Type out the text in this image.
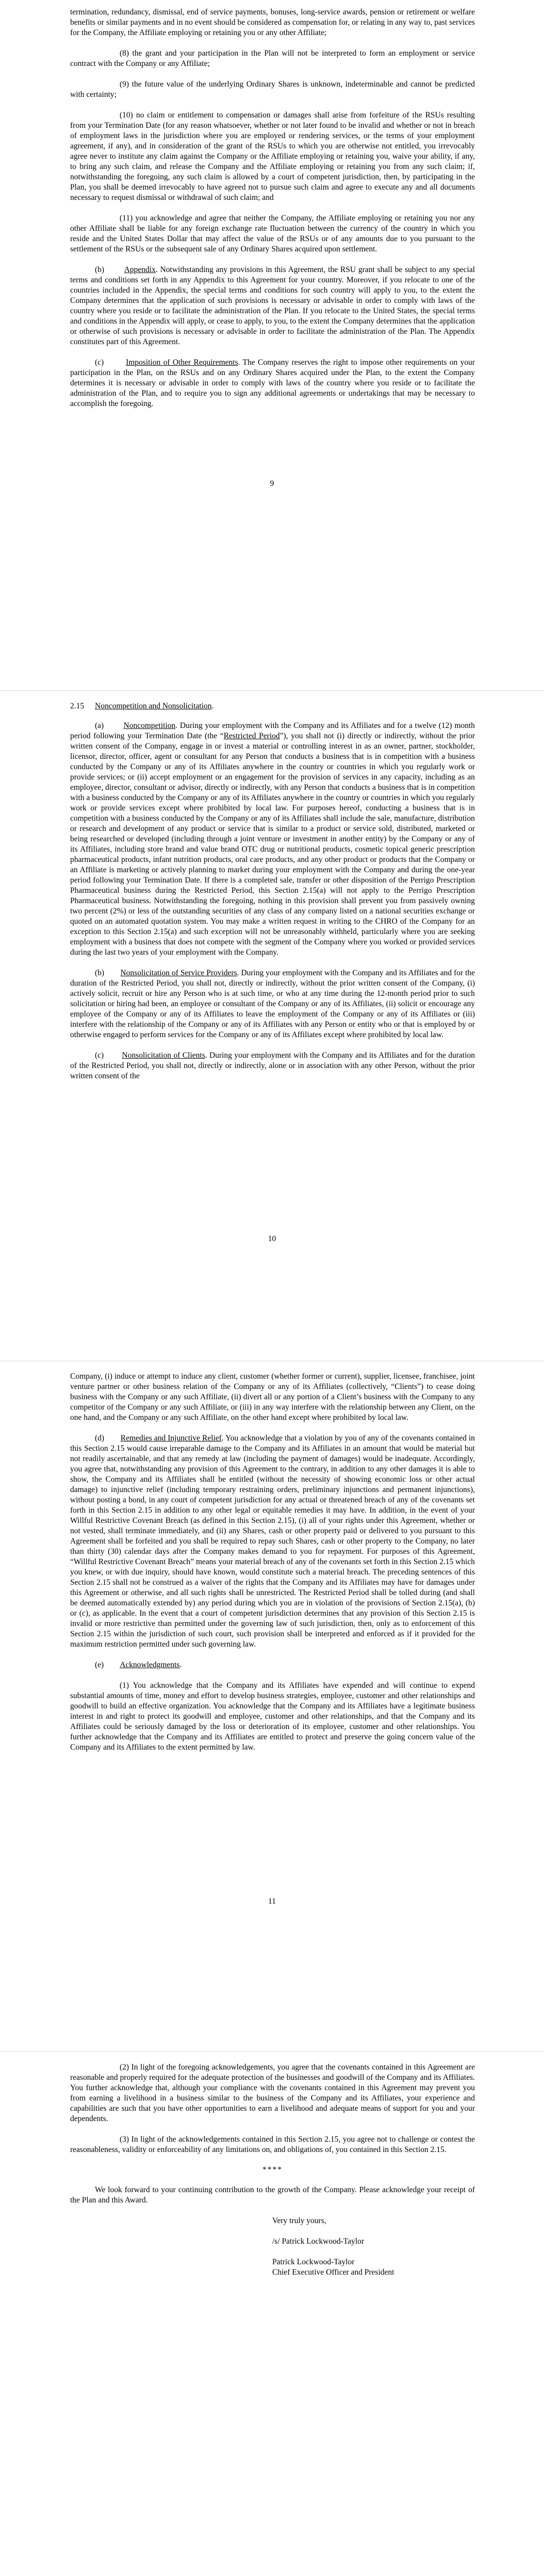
termination, redundancy, dismissal, end of service payments, bonuses, long-service awards, pension or retirement or welfare benefits or similar payments and in no event should be considered as compensation for, or relating in any way to, past services for the Company, the Affiliate employing or retaining you or any other Affiliate;

(8) the grant and your participation in the Plan will not be interpreted to form an employment or service contract with the Company or any Affiliate;

(9) the future value of the underlying Ordinary Shares is unknown, indeterminable and cannot be predicted with certainty;

(10) no claim or entitlement to compensation or damages shall arise from forfeiture of the RSUs resulting from your Termination Date (for any reason whatsoever, whether or not later found to be invalid and whether or not in breach of employment laws in the jurisdiction where you are employed or rendering services, or the terms of your employment agreement, if any), and in consideration of the grant of the RSUs to which you are otherwise not entitled, you irrevocably agree never to institute any claim against the Company or the Affiliate employing or retaining you, waive your ability, if any, to bring any such claim, and release the Company and the Affiliate employing or retaining you from any such claim; if, notwithstanding the foregoing, any such claim is allowed by a court of competent jurisdiction, then, by participating in the Plan, you shall be deemed irrevocably to have agreed not to pursue such claim and agree to execute any and all documents necessary to request dismissal or withdrawal of such claim; and

(11) you acknowledge and agree that neither the Company, the Affiliate employing or retaining you nor any other Affiliate shall be liable for any foreign exchange rate fluctuation between the currency of the country in which you reside and the United States Dollar that may affect the value of the RSUs or of any amounts due to you pursuant to the settlement of the RSUs or the subsequent sale of any Ordinary Shares acquired upon settlement.

(b) Appendix. Notwithstanding any provisions in this Agreement, the RSU grant shall be subject to any special terms and conditions set forth in any Appendix to this Agreement for your country. Moreover, if you relocate to one of the countries included in the Appendix, the special terms and conditions for such country will apply to you, to the extent the Company determines that the application of such provisions is necessary or advisable in order to comply with laws of the country where you reside or to facilitate the administration of the Plan. If you relocate to the United States, the special terms and conditions in the Appendix will apply, or cease to apply, to you, to the extent the Company determines that the application or otherwise of such provisions is necessary or advisable in order to facilitate the administration of the Plan. The Appendix constitutes part of this Agreement.

(c)	Imposition of Other Requirements. The Company reserves the right to impose other requirements on your participation in the Plan, on the RSUs and on any Ordinary Shares acquired under the Plan, to the extent the Company determines it is necessary or advisable in order to comply with laws of the country where you reside or to facilitate the administration of the Plan, and to require you to sign any additional agreements or undertakings that may be necessary to accomplish the foregoing.

9
2.15 Noncompetition and Nonsolicitation.

(a) Noncompetition. During your employment with the Company and its Affiliates and for a twelve (12) month period following your Termination Date (the “Restricted Period”), you shall not (i) directly or indirectly, without the prior written consent of the Company, engage in or invest a material or controlling interest in as an owner, partner, stockholder, licensor, director, officer, agent or consultant for any Person that conducts a business that is in competition with a business conducted by the Company or any of its Affiliates anywhere in the country or countries in which you regularly work or provide services; or (ii) accept employment or an engagement for the provision of services in any capacity, including as an employee, director, consultant or advisor, directly or indirectly, with any Person that conducts a business that is in competition with a business conducted by the Company or any of its Affiliates anywhere in the country or countries in which you regularly work or provide services except where prohibited by local law. For purposes hereof, conducting a business that is in competition with a business conducted by the Company or any of its Affiliates shall include the sale, manufacture, distribution or research and development of any product or service that is similar to a product or service sold, distributed, marketed or being researched or developed (including through a joint venture or investment in another entity) by the Company or any of its Affiliates, including store brand and value brand OTC drug or nutritional products, cosmetic topical generic prescription pharmaceutical products, infant nutrition products, oral care products, and any other product or products that the Company or an Affiliate is marketing or actively planning to market during your employment with the Company and during the one-year period following your Termination Date. If there is a completed sale, transfer or other disposition of the Perrigo Prescription Pharmaceutical business during the Restricted Period, this Section 2.15(a) will not apply to the Perrigo Prescription Pharmaceutical business. Notwithstanding the foregoing, nothing in this provision shall prevent you from passively owning two percent (2%) or less of the outstanding securities of any class of any company listed on a national securities exchange or quoted on an automated quotation system. You may make a written request in writing to the CHRO of the Company for an exception to this Section 2.15(a) and such exception will not be unreasonably withheld, particularly where you are seeking employment with a business that does not compete with the segment of the Company where you worked or provided services during the last two years of your employment with the Company.

(b) Nonsolicitation of Service Providers. During your employment with the Company and its Affiliates and for the duration of the Restricted Period, you shall not, directly or indirectly, without the prior written consent of the Company, (i) actively solicit, recruit or hire any Person who is at such time, or who at any time during the 12-month period prior to such solicitation or hiring had been, an employee or consultant of the Company or any of its Affiliates, (ii) solicit or encourage any employee of the Company or any of its Affiliates to leave the employment of the Company or any of its Affiliates or (iii) interfere with the relationship of the Company or any of its Affiliates with any Person or entity who or that is employed by or otherwise engaged to perform services for the Company or any of its Affiliates except where prohibited by local law.

(c) Nonsolicitation of Clients. During your employment with the Company and its Affiliates and for the duration of the Restricted Period, you shall not, directly or indirectly, alone or in association with any other Person, without the prior written consent of the

10

Company, (i) induce or attempt to induce any client, customer (whether former or current), supplier, licensee, franchisee, joint venture partner or other business relation of the Company or any of its Affiliates (collectively, “Clients”) to cease doing business with the Company or any such Affiliate, (ii) divert all or any portion of a Client’s business with the Company to any competitor of the Company or any such Affiliate, or (iii) in any way interfere with the relationship between any Client, on the one hand, and the Company or any such Affiliate, on the other hand except where prohibited by local law.

(d) Remedies and Injunctive Relief. You acknowledge that a violation by you of any of the covenants contained in this Section 2.15 would cause irreparable damage to the Company and its Affiliates in an amount that would be material but not readily ascertainable, and that any remedy at law (including the payment of damages) would be inadequate. Accordingly, you agree that, notwithstanding any provision of this Agreement to the contrary, in addition to any other damages it is able to show, the Company and its Affiliates shall be entitled (without the necessity of showing economic loss or other actual damage) to injunctive relief (including temporary restraining orders, preliminary injunctions and permanent injunctions), without posting a bond, in any court of competent jurisdiction for any actual or threatened breach of any of the covenants set forth in this Section 2.15 in addition to any other legal or equitable remedies it may have. In addition, in the event of your Willful Restrictive Covenant Breach (as defined in this Section 2.15), (i) all of your rights under this Agreement, whether or not vested, shall terminate immediately, and (ii) any Shares, cash or other property paid or delivered to you pursuant to this Agreement shall be forfeited and you shall be required to repay such Shares, cash or other property to the Company, no later than thirty (30) calendar days after the Company makes demand to you for repayment. For purposes of this Agreement, “Willful Restrictive Covenant Breach” means your material breach of any of the covenants set forth in this Section 2.15 which you knew, or with due inquiry, should have known, would constitute such a material breach. The preceding sentences of this Section 2.15 shall not be construed as a waiver of the rights that the Company and its Affiliates may have for damages under this Agreement or otherwise, and all such rights shall be unrestricted. The Restricted Period shall be tolled during (and shall be deemed automatically extended by) any period during which you are in violation of the provisions of Section 2.15(a), (b) or (c), as applicable. In the event that a court of competent jurisdiction determines that any provision of this Section 2.15 is invalid or more restrictive than permitted under the governing law of such jurisdiction, then, only as to enforcement of this Section 2.15 within the jurisdiction of such court, such provision shall be interpreted and enforced as if it provided for the maximum restriction permitted under such governing law.

(e) Acknowledgments.

(1) You acknowledge that the Company and its Affiliates have expended and will continue to expend substantial amounts of time, money and effort to develop business strategies, employee, customer and other relationships and goodwill to build an effective organization. You acknowledge that the Company and its Affiliates have a legitimate business interest in and right to protect its goodwill and employee, customer and other relationships, and that the Company and its Affiliates could be seriously damaged by the loss or deterioration of its employee, customer and other relationships. You further acknowledge that the Company and its Affiliates are entitled to protect and preserve the going concern value of the Company and its Affiliates to the extent permitted by law.

11

(2) In light of the foregoing acknowledgements, you agree that the covenants contained in this Agreement are reasonable and properly required for the adequate protection of the businesses and goodwill of the Company and its Affiliates. You further acknowledge that, although your compliance with the covenants contained in this Agreement may prevent you from earning a livelihood in a business similar to the business of the Company and its Affiliates, your experience and capabilities are such that you have other opportunities to earn a livelihood and adequate means of support for you and your dependents.

(3) In light of the acknowledgements contained in this Section 2.15, you agree not to challenge or contest the reasonableness, validity or enforceability of any limitations on, and obligations of, you contained in this Section 2.15.

****

We look forward to your continuing contribution to the growth of the Company. Please acknowledge your receipt of the Plan and this Award.

Very truly yours,
/s/ Patrick Lockwood-Taylor
Patrick Lockwood-Taylor
Chief Executive Officer and President
